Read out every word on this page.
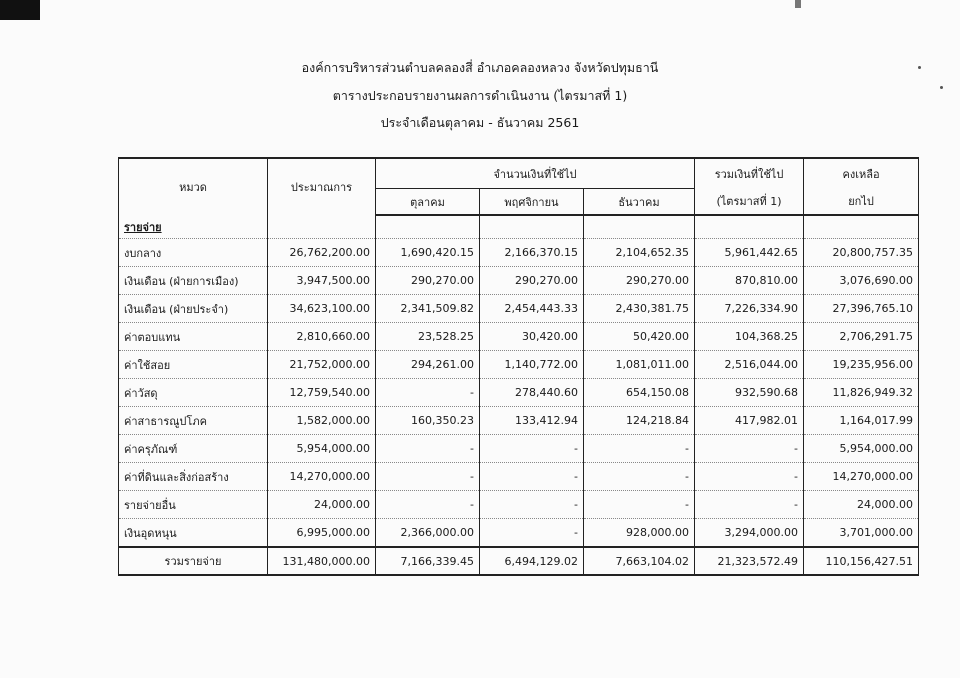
องค์การบริหารส่วนตำบลคลองสี่ อำเภอคลองหลวง จังหวัดปทุมธานี
ตารางประกอบรายงานผลการดำเนินงาน (ไตรมาสที่ 1)
ประจำเดือนตุลาคม - ธันวาคม 2561
หมวด	ประมาณการ	จำนวนเงินที่ใช้ไป			รวมเงินที่ใช้ไป	คงเหลือ
		ตุลาคม	พฤศจิกายน	ธันวาคม	(ไตรมาสที่ 1)	ยกไป
รายจ่าย						
งบกลาง	26,762,200.00	1,690,420.15	2,166,370.15	2,104,652.35	5,961,442.65	20,800,757.35
เงินเดือน (ฝ่ายการเมือง)	3,947,500.00	290,270.00	290,270.00	290,270.00	870,810.00	3,076,690.00
เงินเดือน (ฝ่ายประจำ)	34,623,100.00	2,341,509.82	2,454,443.33	2,430,381.75	7,226,334.90	27,396,765.10
ค่าตอบแทน	2,810,660.00	23,528.25	30,420.00	50,420.00	104,368.25	2,706,291.75
ค่าใช้สอย	21,752,000.00	294,261.00	1,140,772.00	1,081,011.00	2,516,044.00	19,235,956.00
ค่าวัสดุ	12,759,540.00	-	278,440.60	654,150.08	932,590.68	11,826,949.32
ค่าสาธารณูปโภค	1,582,000.00	160,350.23	133,412.94	124,218.84	417,982.01	1,164,017.99
ค่าครุภัณฑ์	5,954,000.00	-	-	-	-	5,954,000.00
ค่าที่ดินและสิ่งก่อสร้าง	14,270,000.00	-	-	-	-	14,270,000.00
รายจ่ายอื่น	24,000.00	-	-	-	-	24,000.00
เงินอุดหนุน	6,995,000.00	2,366,000.00	-	928,000.00	3,294,000.00	3,701,000.00
รวมรายจ่าย	131,480,000.00	7,166,339.45	6,494,129.02	7,663,104.02	21,323,572.49	110,156,427.51
